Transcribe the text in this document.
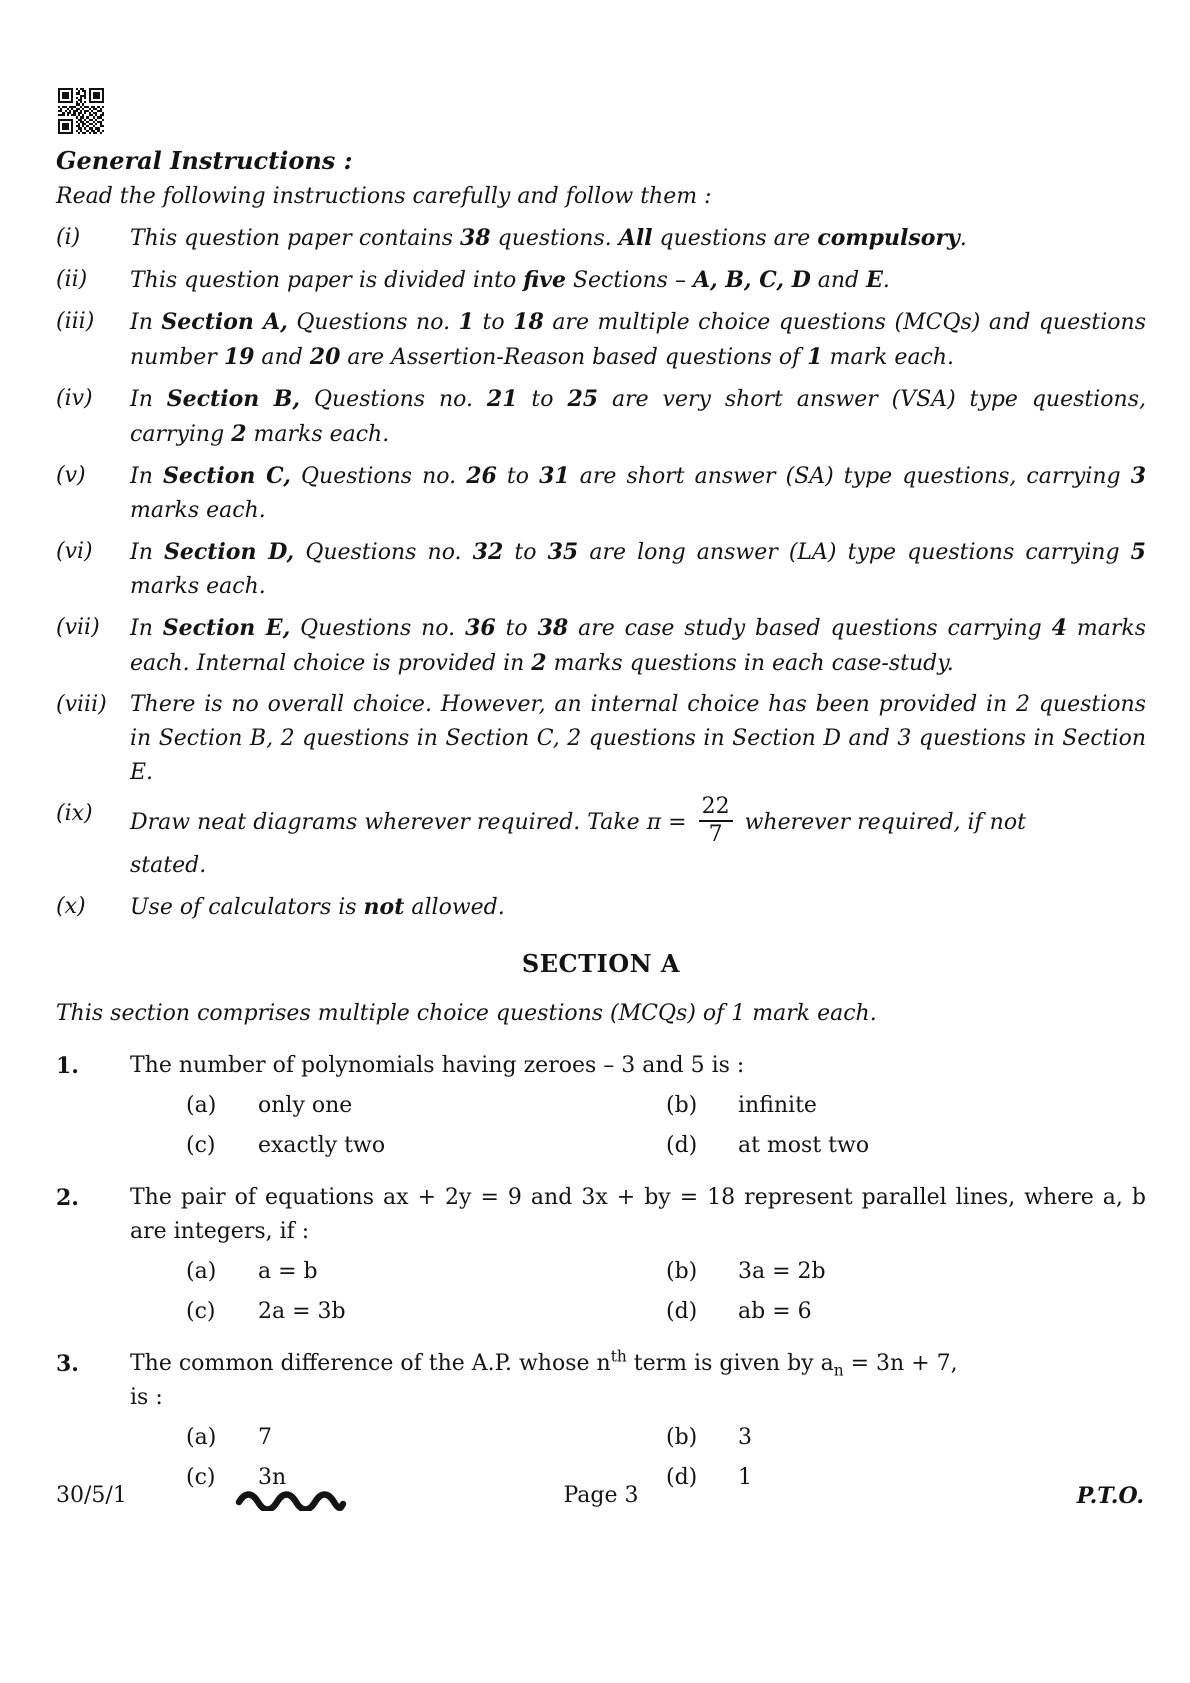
General Instructions :
Read the following instructions carefully and follow them :
(i)	This question paper contains 38 questions. All questions are compulsory.
(ii)	This question paper is divided into five Sections – A, B, C, D and E.
(iii)	In Section A, Questions no. 1 to 18 are multiple choice questions (MCQs) and questions number 19 and 20 are Assertion-Reason based questions of 1 mark each.
(iv)	In Section B, Questions no. 21 to 25 are very short answer (VSA) type questions, carrying 2 marks each.
(v)	In Section C, Questions no. 26 to 31 are short answer (SA) type questions, carrying 3 marks each.
(vi)	In Section D, Questions no. 32 to 35 are long answer (LA) type questions carrying 5 marks each.
(vii)	In Section E, Questions no. 36 to 38 are case study based questions carrying 4 marks each. Internal choice is provided in 2 marks questions in each case-study.
(viii)	There is no overall choice. However, an internal choice has been provided in 2 questions in Section B, 2 questions in Section C, 2 questions in Section D and 3 questions in Section E.
(ix)	Draw neat diagrams wherever required. Take $\pi = \frac{22}{7}$ wherever required, if not
stated.
(x)	Use of calculators is not allowed.
SECTION A
This section comprises multiple choice questions (MCQs) of 1 mark each.
1.	The number of polynomials having zeroes – 3 and 5 is :
(a)	only one	(b)	infinite
(c)	exactly two	(d)	at most two
2.	The pair of equations ax + 2y = 9 and 3x + by = 18 represent parallel lines, where a, b are integers, if :
(a)	a = b	(b)	3a = 2b
(c)	2a = 3b	(d)	ab = 6
3.	The common difference of the A.P. whose $n^{th}$ term is given by $a_n = 3n + 7$,
is :
(a)	7	(b)	3
(c)	3n	(d)	1
30/5/1	Page 3	P.T.O.
